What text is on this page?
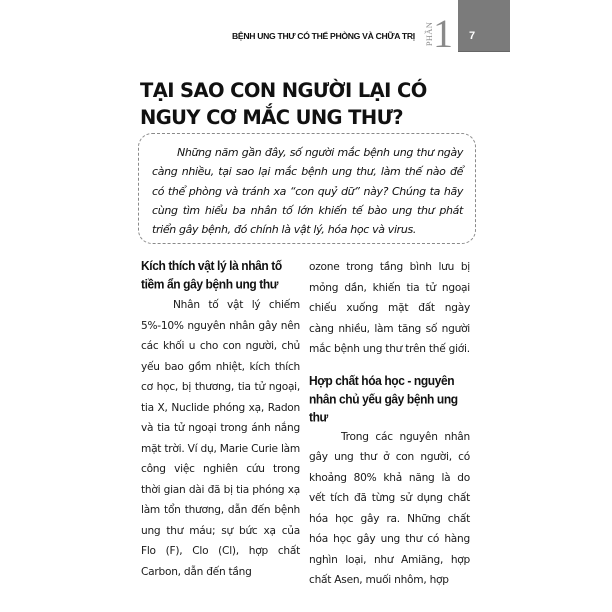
BỆNH UNG THƯ CÓ THỂ PHÒNG VÀ CHỮA TRỊ PHẦN
1 7
TẠI SAO CON NGƯỜI LẠI CÓ NGUY CƠ MẮC UNG THƯ?

Những năm gần đây, số người mắc bệnh ung thư ngày càng nhiều, tại sao lại mắc bệnh ung thư, làm thế nào để có thể phòng và tránh xa “con quỷ dữ” này? Chúng ta hãy cùng tìm hiểu ba nhân tố lớn khiến tế bào ung thư phát triển gây bệnh, đó chính là vật lý, hóa học và virus.

Kích thích vật lý là nhân tố tiềm ẩn gây bệnh ung thư

Nhân tố vật lý chiếm 5%-10% nguyên nhân gây nên các khối u cho con người, chủ yếu bao gồm nhiệt, kích thích cơ học, bị thương, tia tử ngoại, tia X, Nuclide phóng xạ, Radon và tia tử ngoại trong ánh nắng mặt trời. Ví dụ, Marie Curie làm công việc nghiên cứu trong thời gian dài đã bị tia phóng xạ làm tổn thương, dẫn đến bệnh ung thư máu; sự bức xạ của Flo (F), Clo (Cl), hợp chất Carbon, dẫn đến tầng

ozone trong tầng bình lưu bị mỏng dần, khiến tia tử ngoại chiếu xuống mặt đất ngày càng nhiều, làm tăng số người mắc bệnh ung thư trên thế giới.

Hợp chất hóa học - nguyên nhân chủ yếu gây bệnh ung thư

Trong các nguyên nhân gây ung thư ở con người, có khoảng 80% khả năng là do vết tích đã từng sử dụng chất hóa học gây ra. Những chất hóa học gây ung thư có hàng nghìn loại, như Amiăng, hợp chất Asen, muối nhôm, hợp
